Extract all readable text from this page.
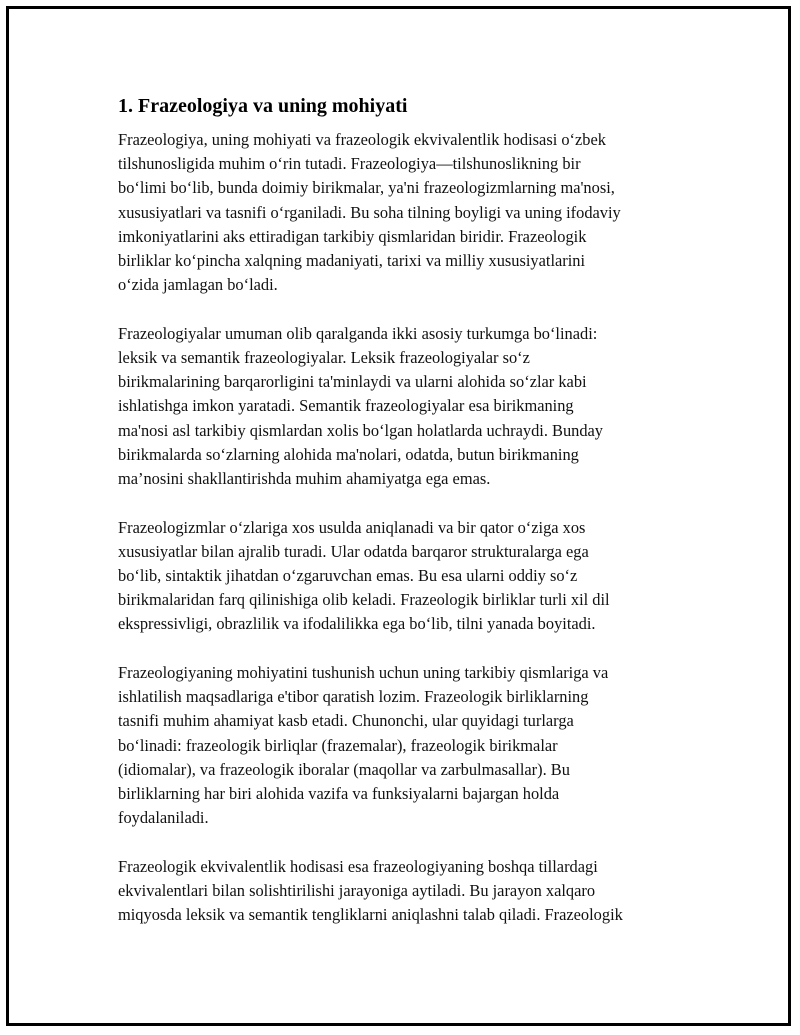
1. Frazeologiya va uning mohiyati
Frazeologiya, uning mohiyati va frazeologik ekvivalentlik hodisasi o‘zbek
tilshunosligida muhim o‘rin tutadi. Frazeologiya—tilshunoslikning bir
bo‘limi bo‘lib, bunda doimiy birikmalar, ya'ni frazeologizmlarning ma'nosi,
xususiyatlari va tasnifi o‘rganiladi. Bu soha tilning boyligi va uning ifodaviy
imkoniyatlarini aks ettiradigan tarkibiy qismlaridan biridir. Frazeologik
birliklar ko‘pincha xalqning madaniyati, tarixi va milliy xususiyatlarini
o‘zida jamlagan bo‘ladi.
Frazeologiyalar umuman olib qaralganda ikki asosiy turkumga bo‘linadi:
leksik va semantik frazeologiyalar. Leksik frazeologiyalar so‘z
birikmalarining barqarorligini ta'minlaydi va ularni alohida so‘zlar kabi
ishlatishga imkon yaratadi. Semantik frazeologiyalar esa birikmaning
ma'nosi asl tarkibiy qismlardan xolis bo‘lgan holatlarda uchraydi. Bunday
birikmalarda so‘zlarning alohida ma'nolari, odatda, butun birikmaning
ma’nosini shakllantirishda muhim ahamiyatga ega emas.
Frazeologizmlar o‘zlariga xos usulda aniqlanadi va bir qator o‘ziga xos
xususiyatlar bilan ajralib turadi. Ular odatda barqaror strukturalarga ega
bo‘lib, sintaktik jihatdan o‘zgaruvchan emas. Bu esa ularni oddiy so‘z
birikmalaridan farq qilinishiga olib keladi. Frazeologik birliklar turli xil dil
ekspressivligi, obrazlilik va ifodalilikka ega bo‘lib, tilni yanada boyitadi.
Frazeologiyaning mohiyatini tushunish uchun uning tarkibiy qismlariga va
ishlatilish maqsadlariga e'tibor qaratish lozim. Frazeologik birliklarning
tasnifi muhim ahamiyat kasb etadi. Chunonchi, ular quyidagi turlarga
bo‘linadi: frazeologik birliqlar (frazemalar), frazeologik birikmalar
(idiomalar), va frazeologik iboralar (maqollar va zarbulmasallar). Bu
birliklarning har biri alohida vazifa va funksiyalarni bajargan holda
foydalaniladi.
Frazeologik ekvivalentlik hodisasi esa frazeologiyaning boshqa tillardagi
ekvivalentlari bilan solishtirilishi jarayoniga aytiladi. Bu jarayon xalqaro
miqyosda leksik va semantik tengliklarni aniqlashni talab qiladi. Frazeologik
